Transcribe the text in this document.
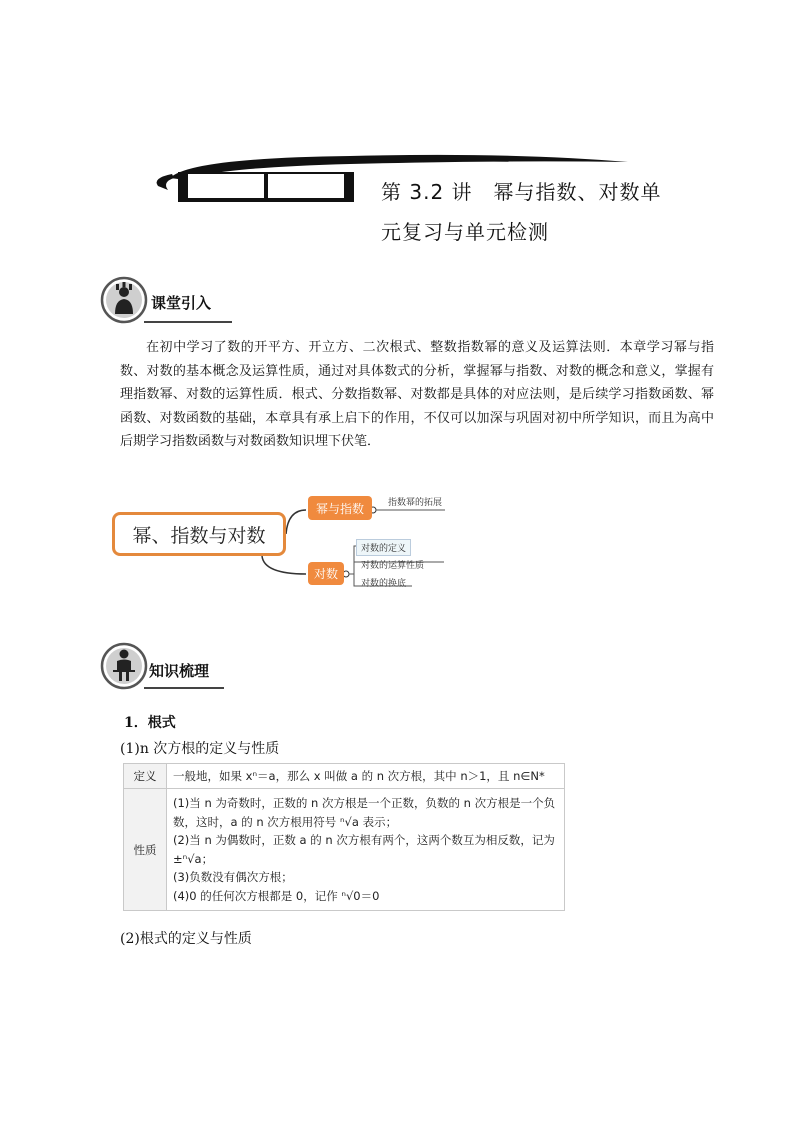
第 3.2 讲　幂与指数、对数单
元复习与单元检测
课堂引入
在初中学习了数的开平方、开立方、二次根式、整数指数幂的意义及运算法则．本章学习幂与指数、对数的基本概念及运算性质，通过对具体数式的分析，掌握幂与指数、对数的概念和意义，掌握有理指数幂、对数的运算性质．根式、分数指数幂、对数都是具体的对应法则，是后续学习指数函数、幂函数、对数函数的基础，本章具有承上启下的作用，不仅可以加深与巩固对初中所学知识，而且为高中后期学习指数函数与对数函数知识埋下伏笔．
幂、指数与对数
幂与指数	指数幂的拓展
对数
对数的定义
对数的运算性质
对数的换底
知识梳理
1．根式
(1)n 次方根的定义与性质
定义	一般地，如果 xⁿ＝a，那么 x 叫做 a 的 n 次方根，其中 n＞1，且 n∈N*
性质	(1)当 n 为奇数时，正数的 n 次方根是一个正数，负数的 n 次方根是一个负数，这时，a 的 n 次方根用符号 ⁿ√a 表示；
(2)当 n 为偶数时，正数 a 的 n 次方根有两个，这两个数互为相反数，记为 ±ⁿ√a；
(3)负数没有偶次方根；
(4)0 的任何次方根都是 0，记作 ⁿ√0＝0
(2)根式的定义与性质
